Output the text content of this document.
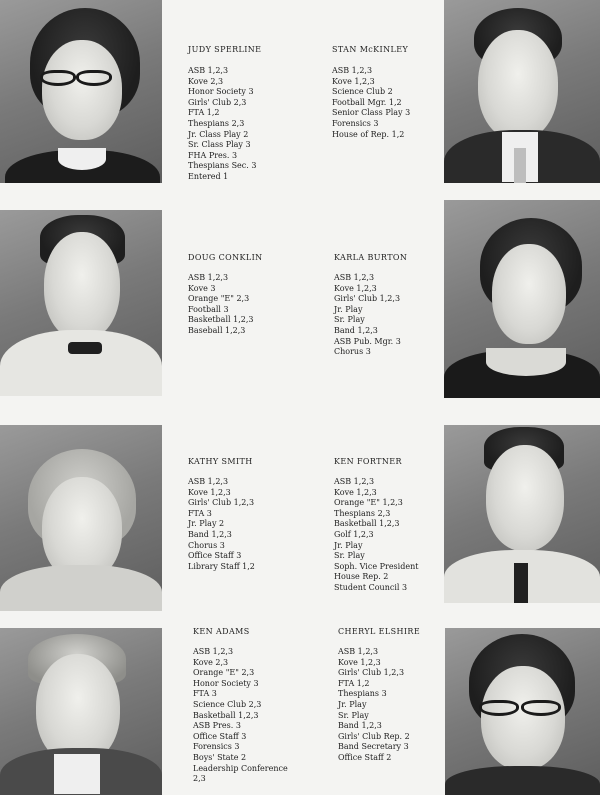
JUDY SPERLINE
ASB 1,2,3
Kove 2,3
Honor Society 3
Girls' Club 2,3
FTA 1,2
Thespians 2,3
Jr. Class Play 2
Sr. Class Play 3
FHA Pres. 3
Thespians Sec. 3
Entered 1
STAN McKINLEY
ASB 1,2,3
Kove 1,2,3
Science Club 2
Football Mgr. 1,2
Senior Class Play 3
Forensics 3
House of Rep. 1,2
DOUG CONKLIN
ASB 1,2,3
Kove 3
Orange "E" 2,3
Football 3
Basketball 1,2,3
Baseball 1,2,3
KARLA BURTON
ASB 1,2,3
Kove 1,2,3
Girls' Club 1,2,3
Jr. Play
Sr. Play
Band 1,2,3
ASB Pub. Mgr. 3
Chorus 3
KATHY SMITH
ASB 1,2,3
Kove 1,2,3
Girls' Club 1,2,3
FTA 3
Jr. Play 2
Band 1,2,3
Chorus 3
Office Staff 3
Library Staff 1,2
KEN FORTNER
ASB 1,2,3
Kove 1,2,3
Orange "E" 1,2,3
Thespians 2,3
Basketball 1,2,3
Golf 1,2,3
Jr. Play
Sr. Play
Soph. Vice President
House Rep. 2
Student Council 3
KEN ADAMS
ASB 1,2,3
Kove 2,3
Orange "E" 2,3
Honor Society 3
FTA 3
Science Club 2,3
Basketball 1,2,3
ASB Pres. 3
Office Staff 3
Forensics 3
Boys' State 2
Leadership Conference
2,3
CHERYL ELSHIRE
ASB 1,2,3
Kove 1,2,3
Girls' Club 1,2,3
FTA 1,2
Thespians 3
Jr. Play
Sr. Play
Band 1,2,3
Girls' Club Rep. 2
Band Secretary 3
Office Staff 2
